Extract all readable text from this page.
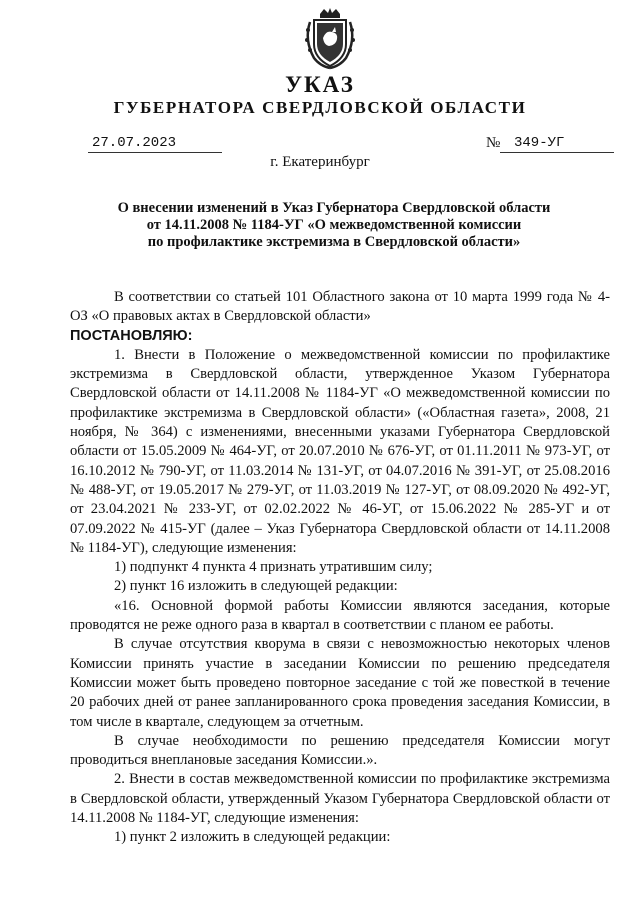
УКАЗ
ГУБЕРНАТОРА СВЕРДЛОВСКОЙ ОБЛАСТИ
27.07.2023	№ 349-УГ
г. Екатеринбург
О внесении изменений в Указ Губернатора Свердловской области
от 14.11.2008 № 1184-УГ «О межведомственной комиссии
по профилактике экстремизма в Свердловской области»

В соответствии со статьей 101 Областного закона от 10 марта 1999 года № 4-ОЗ «О правовых актах в Свердловской области»

ПОСТАНОВЛЯЮ:

1. Внести в Положение о межведомственной комиссии по профилактике экстремизма в Свердловской области, утвержденное Указом Губернатора Свердловской области от 14.11.2008 № 1184-УГ «О межведомственной комиссии по профилактике экстремизма в Свердловской области» («Областная газета», 2008, 21 ноября, № 364) с изменениями, внесенными указами Губернатора Свердловской области от 15.05.2009 № 464-УГ, от 20.07.2010 № 676-УГ, от 01.11.2011 № 973-УГ, от 16.10.2012 № 790-УГ, от 11.03.2014 № 131-УГ, от 04.07.2016 № 391-УГ, от 25.08.2016 № 488-УГ, от 19.05.2017 № 279-УГ, от 11.03.2019 № 127-УГ, от 08.09.2020 № 492-УГ, от 23.04.2021 № 233-УГ, от 02.02.2022 № 46-УГ, от 15.06.2022 № 285-УГ и от 07.09.2022 № 415-УГ (далее – Указ Губернатора Свердловской области от 14.11.2008 № 1184-УГ), следующие изменения:

1) подпункт 4 пункта 4 признать утратившим силу;

2) пункт 16 изложить в следующей редакции:

«16. Основной формой работы Комиссии являются заседания, которые проводятся не реже одного раза в квартал в соответствии с планом ее работы.

В случае отсутствия кворума в связи с невозможностью некоторых членов Комиссии принять участие в заседании Комиссии по решению председателя Комиссии может быть проведено повторное заседание с той же повесткой в течение 20 рабочих дней от ранее запланированного срока проведения заседания Комиссии, в том числе в квартале, следующем за отчетным.

В случае необходимости по решению председателя Комиссии могут проводиться внеплановые заседания Комиссии.».

2. Внести в состав межведомственной комиссии по профилактике экстремизма в Свердловской области, утвержденный Указом Губернатора Свердловской области от 14.11.2008 № 1184-УГ, следующие изменения:

1) пункт 2 изложить в следующей редакции:
